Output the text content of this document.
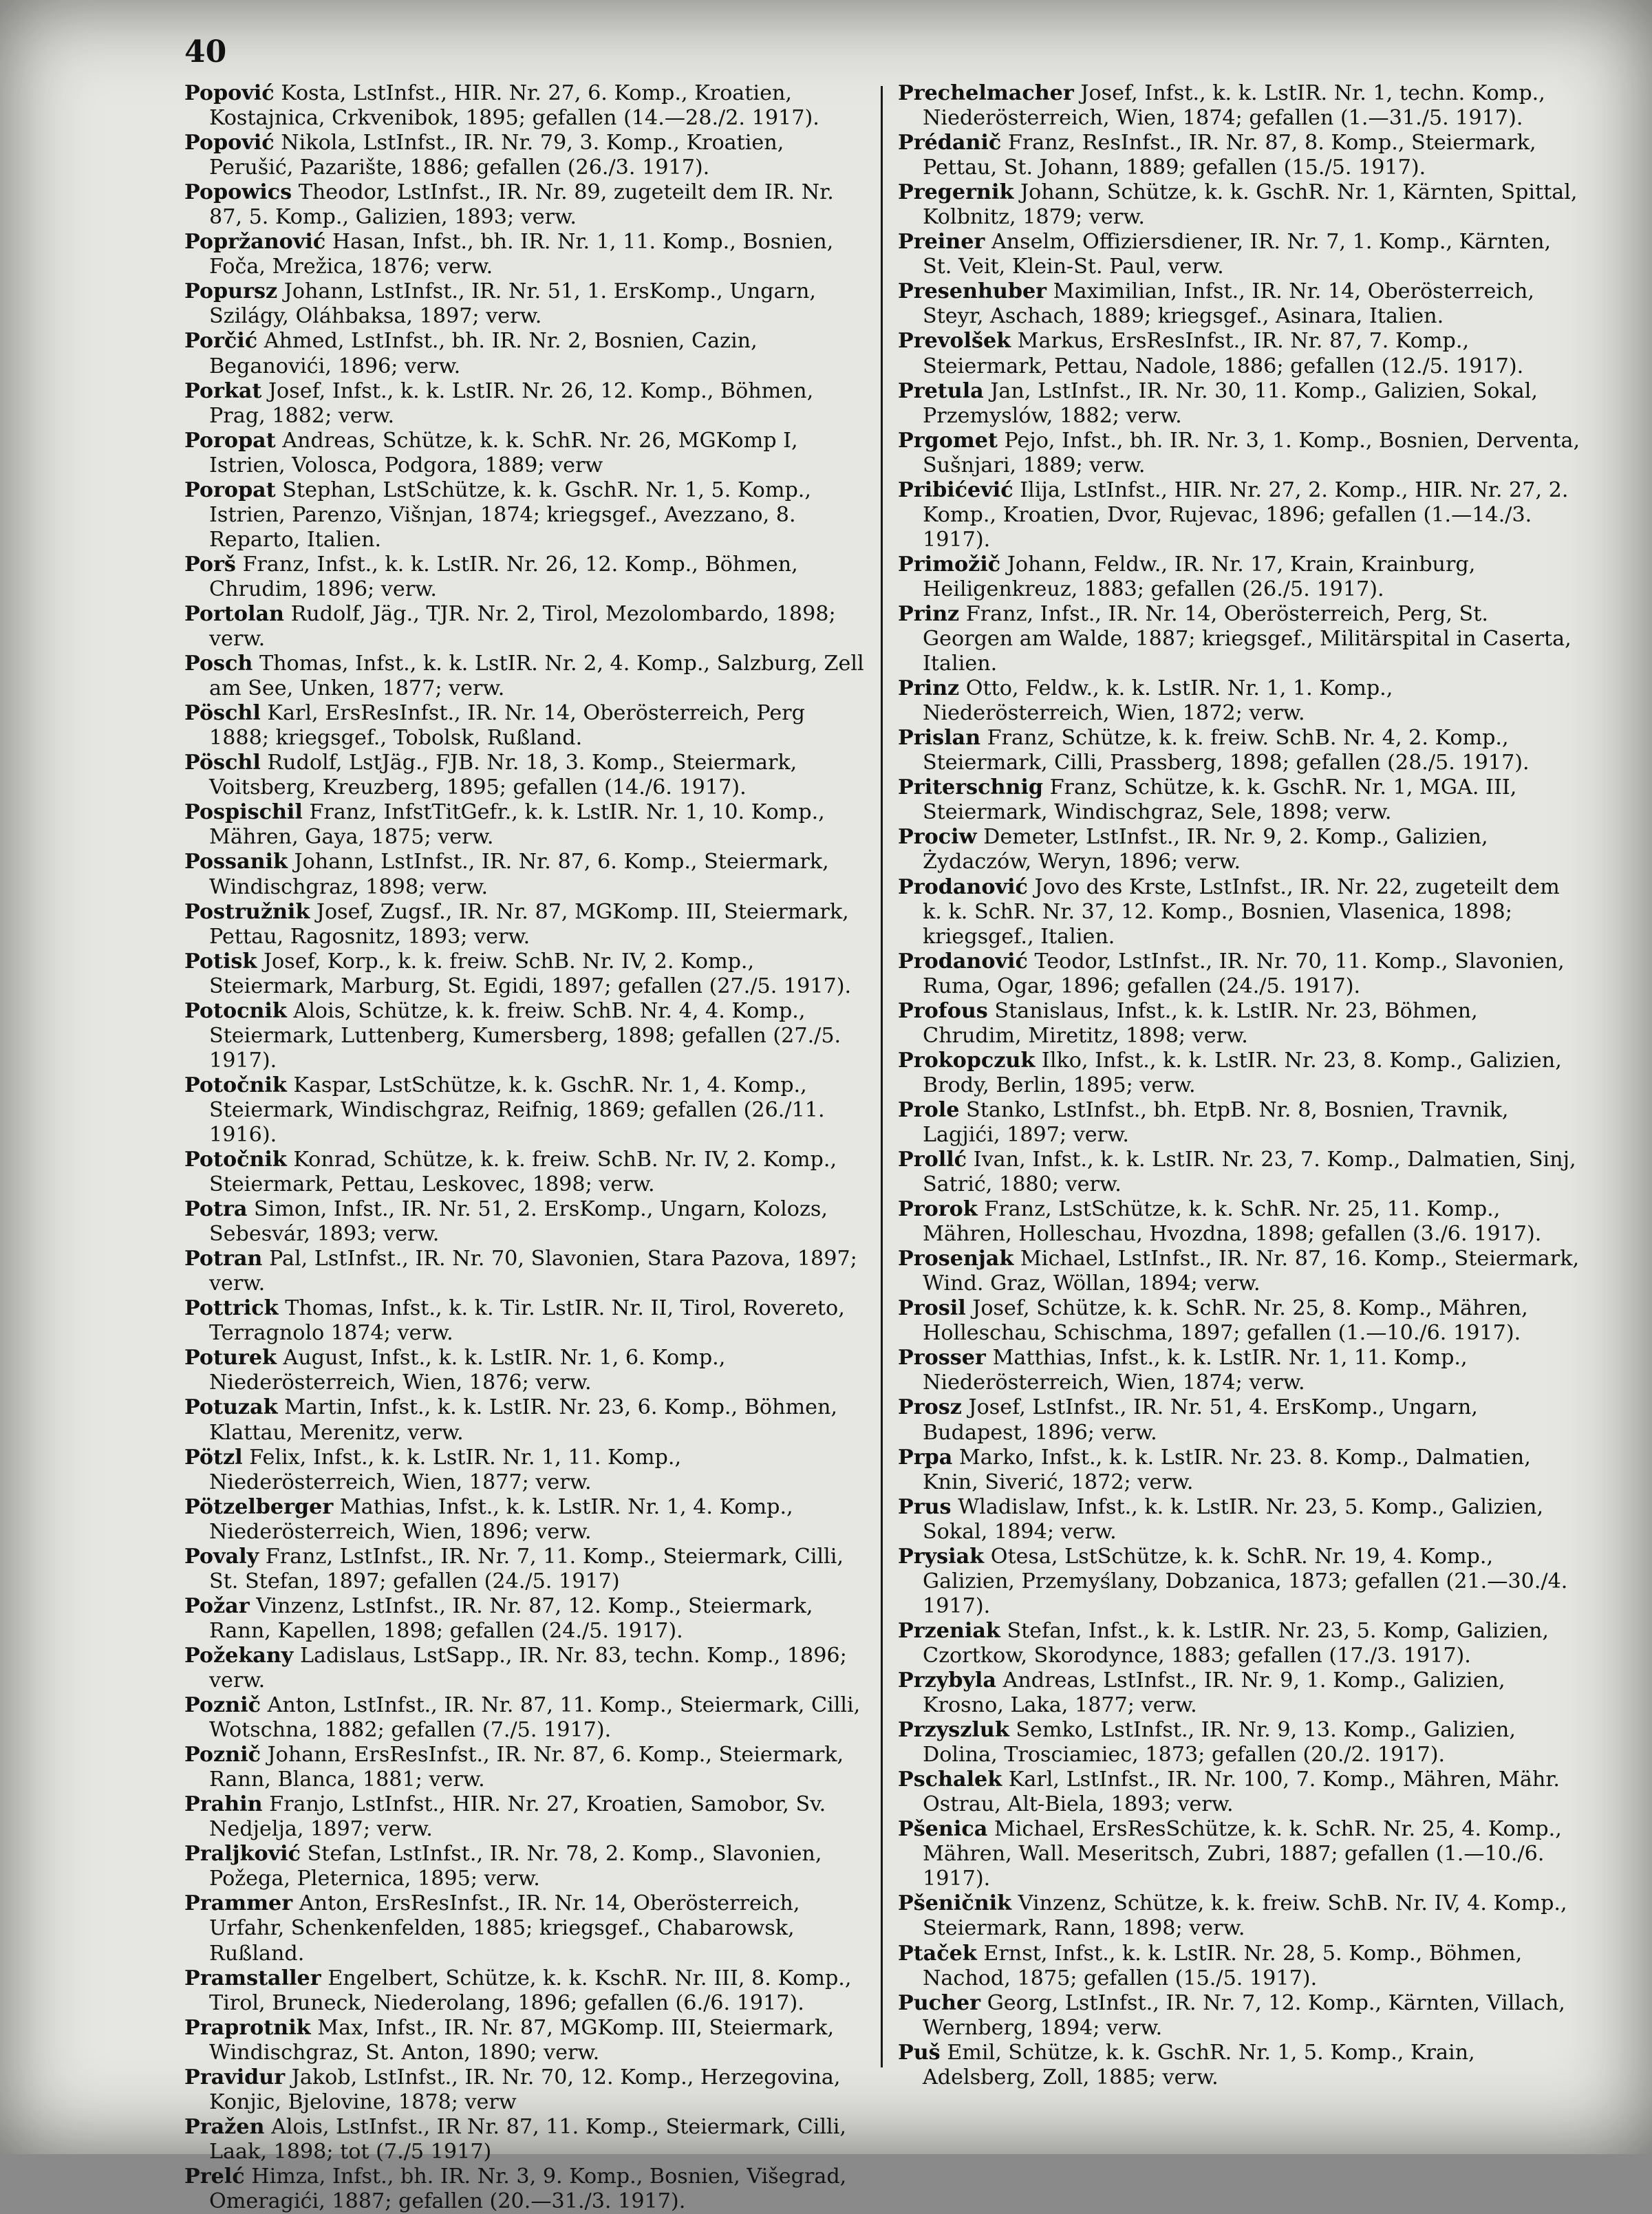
40

Popović Kosta, LstInfst., HIR. Nr. 27, 6. Komp., Kroatien, Kostajnica, Crkvenibok, 1895; gefallen (14.—28./2. 1917).

Popović Nikola, LstInfst., IR. Nr. 79, 3. Komp., Kroatien, Perušić, Pazarište, 1886; gefallen (26./3. 1917).

Popowics Theodor, LstInfst., IR. Nr. 89, zugeteilt dem IR. Nr. 87, 5. Komp., Galizien, 1893; verw.

Popržanović Hasan, Infst., bh. IR. Nr. 1, 11. Komp., Bosnien, Foča, Mrežica, 1876; verw.

Popursz Johann, LstInfst., IR. Nr. 51, 1. ErsKomp., Ungarn, Szilágy, Oláhbaksa, 1897; verw.

Porčić Ahmed, LstInfst., bh. IR. Nr. 2, Bosnien, Cazin, Beganovići, 1896; verw.

Porkat Josef, Infst., k. k. LstIR. Nr. 26, 12. Komp., Böhmen, Prag, 1882; verw.

Poropat Andreas, Schütze, k. k. SchR. Nr. 26, MGKomp I, Istrien, Volosca, Podgora, 1889; verw

Poropat Stephan, LstSchütze, k. k. GschR. Nr. 1, 5. Komp., Istrien, Parenzo, Višnjan, 1874; kriegsgef., Avezzano, 8. Reparto, Italien.

Porš Franz, Infst., k. k. LstIR. Nr. 26, 12. Komp., Böhmen, Chrudim, 1896; verw.

Portolan Rudolf, Jäg., TJR. Nr. 2, Tirol, Mezolombardo, 1898; verw.

Posch Thomas, Infst., k. k. LstIR. Nr. 2, 4. Komp., Salzburg, Zell am See, Unken, 1877; verw.

Pöschl Karl, ErsResInfst., IR. Nr. 14, Oberösterreich, Perg 1888; kriegsgef., Tobolsk, Rußland.

Pöschl Rudolf, LstJäg., FJB. Nr. 18, 3. Komp., Steiermark, Voitsberg, Kreuzberg, 1895; gefallen (14./6. 1917).

Pospischil Franz, InfstTitGefr., k. k. LstIR. Nr. 1, 10. Komp., Mähren, Gaya, 1875; verw.

Possanik Johann, LstInfst., IR. Nr. 87, 6. Komp., Steiermark, Windischgraz, 1898; verw.

Postružnik Josef, Zugsf., IR. Nr. 87, MGKomp. III, Steiermark, Pettau, Ragosnitz, 1893; verw.

Potisk Josef, Korp., k. k. freiw. SchB. Nr. IV, 2. Komp., Steiermark, Marburg, St. Egidi, 1897; gefallen (27./5. 1917).

Potocnik Alois, Schütze, k. k. freiw. SchB. Nr. 4, 4. Komp., Steiermark, Luttenberg, Kumersberg, 1898; gefallen (27./5. 1917).

Potočnik Kaspar, LstSchütze, k. k. GschR. Nr. 1, 4. Komp., Steiermark, Windischgraz, Reifnig, 1869; gefallen (26./11. 1916).

Potočnik Konrad, Schütze, k. k. freiw. SchB. Nr. IV, 2. Komp., Steiermark, Pettau, Leskovec, 1898; verw.

Potra Simon, Infst., IR. Nr. 51, 2. ErsKomp., Ungarn, Kolozs, Sebesvár, 1893; verw.

Potran Pal, LstInfst., IR. Nr. 70, Slavonien, Stara Pazova, 1897; verw.

Pottrick Thomas, Infst., k. k. Tir. LstIR. Nr. II, Tirol, Rovereto, Terragnolo 1874; verw.

Poturek August, Infst., k. k. LstIR. Nr. 1, 6. Komp., Niederösterreich, Wien, 1876; verw.

Potuzak Martin, Infst., k. k. LstIR. Nr. 23, 6. Komp., Böhmen, Klattau, Merenitz, verw.

Pötzl Felix, Infst., k. k. LstIR. Nr. 1, 11. Komp., Niederösterreich, Wien, 1877; verw.

Pötzelberger Mathias, Infst., k. k. LstIR. Nr. 1, 4. Komp., Niederösterreich, Wien, 1896; verw.

Povaly Franz, LstInfst., IR. Nr. 7, 11. Komp., Steiermark, Cilli, St. Stefan, 1897; gefallen (24./5. 1917)

Požar Vinzenz, LstInfst., IR. Nr. 87, 12. Komp., Steiermark, Rann, Kapellen, 1898; gefallen (24./5. 1917).

Požekany Ladislaus, LstSapp., IR. Nr. 83, techn. Komp., 1896; verw.

Poznič Anton, LstInfst., IR. Nr. 87, 11. Komp., Steiermark, Cilli, Wotschna, 1882; gefallen (7./5. 1917).

Poznič Johann, ErsResInfst., IR. Nr. 87, 6. Komp., Steiermark, Rann, Blanca, 1881; verw.

Prahin Franjo, LstInfst., HIR. Nr. 27, Kroatien, Samobor, Sv. Nedjelja, 1897; verw.

Praljković Stefan, LstInfst., IR. Nr. 78, 2. Komp., Slavonien, Požega, Pleternica, 1895; verw.

Prammer Anton, ErsResInfst., IR. Nr. 14, Oberösterreich, Urfahr, Schenkenfelden, 1885; kriegsgef., Chabarowsk, Rußland.

Pramstaller Engelbert, Schütze, k. k. KschR. Nr. III, 8. Komp., Tirol, Bruneck, Niederolang, 1896; gefallen (6./6. 1917).

Praprotnik Max, Infst., IR. Nr. 87, MGKomp. III, Steiermark, Windischgraz, St. Anton, 1890; verw.

Pravidur Jakob, LstInfst., IR. Nr. 70, 12. Komp., Herzegovina, Konjic, Bjelovine, 1878; verw

Pražen Alois, LstInfst., IR Nr. 87, 11. Komp., Steiermark, Cilli, Laak, 1898; tot (7./5 1917)

Prelć Himza, Infst., bh. IR. Nr. 3, 9. Komp., Bosnien, Višegrad, Omeragići, 1887; gefallen (20.—31./3. 1917).

Prechelmacher Josef, Infst., k. k. LstIR. Nr. 1, techn. Komp., Niederösterreich, Wien, 1874; gefallen (1.—31./5. 1917).

Prédanič Franz, ResInfst., IR. Nr. 87, 8. Komp., Steiermark, Pettau, St. Johann, 1889; gefallen (15./5. 1917).

Pregernik Johann, Schütze, k. k. GschR. Nr. 1, Kärnten, Spittal, Kolbnitz, 1879; verw.

Preiner Anselm, Offiziersdiener, IR. Nr. 7, 1. Komp., Kärnten, St. Veit, Klein-St. Paul, verw.

Presenhuber Maximilian, Infst., IR. Nr. 14, Oberösterreich, Steyr, Aschach, 1889; kriegsgef., Asinara, Italien.

Prevolšek Markus, ErsResInfst., IR. Nr. 87, 7. Komp., Steiermark, Pettau, Nadole, 1886; gefallen (12./5. 1917).

Pretula Jan, LstInfst., IR. Nr. 30, 11. Komp., Galizien, Sokal, Przemyslów, 1882; verw.

Prgomet Pejo, Infst., bh. IR. Nr. 3, 1. Komp., Bosnien, Derventa, Sušnjari, 1889; verw.

Pribićević Ilija, LstInfst., HIR. Nr. 27, 2. Komp., HIR. Nr. 27, 2. Komp., Kroatien, Dvor, Rujevac, 1896; gefallen (1.—14./3. 1917).

Primožič Johann, Feldw., IR. Nr. 17, Krain, Krainburg, Heiligenkreuz, 1883; gefallen (26./5. 1917).

Prinz Franz, Infst., IR. Nr. 14, Oberösterreich, Perg, St. Georgen am Walde, 1887; kriegsgef., Militärspital in Caserta, Italien.

Prinz Otto, Feldw., k. k. LstIR. Nr. 1, 1. Komp., Niederösterreich, Wien, 1872; verw.

Prislan Franz, Schütze, k. k. freiw. SchB. Nr. 4, 2. Komp., Steiermark, Cilli, Prassberg, 1898; gefallen (28./5. 1917).

Priterschnig Franz, Schütze, k. k. GschR. Nr. 1, MGA. III, Steiermark, Windischgraz, Sele, 1898; verw.

Prociw Demeter, LstInfst., IR. Nr. 9, 2. Komp., Galizien, Żydaczów, Weryn, 1896; verw.

Prodanović Jovo des Krste, LstInfst., IR. Nr. 22, zugeteilt dem k. k. SchR. Nr. 37, 12. Komp., Bosnien, Vlasenica, 1898; kriegsgef., Italien.

Prodanović Teodor, LstInfst., IR. Nr. 70, 11. Komp., Slavonien, Ruma, Ogar, 1896; gefallen (24./5. 1917).

Profous Stanislaus, Infst., k. k. LstIR. Nr. 23, Böhmen, Chrudim, Miretitz, 1898; verw.

Prokopczuk Ilko, Infst., k. k. LstIR. Nr. 23, 8. Komp., Galizien, Brody, Berlin, 1895; verw.

Prole Stanko, LstInfst., bh. EtpB. Nr. 8, Bosnien, Travnik, Lagjići, 1897; verw.

Prollć Ivan, Infst., k. k. LstIR. Nr. 23, 7. Komp., Dalmatien, Sinj, Satrić, 1880; verw.

Prorok Franz, LstSchütze, k. k. SchR. Nr. 25, 11. Komp., Mähren, Holleschau, Hvozdna, 1898; gefallen (3./6. 1917).

Prosenjak Michael, LstInfst., IR. Nr. 87, 16. Komp., Steiermark, Wind. Graz, Wöllan, 1894; verw.

Prosil Josef, Schütze, k. k. SchR. Nr. 25, 8. Komp., Mähren, Holleschau, Schischma, 1897; gefallen (1.—10./6. 1917).

Prosser Matthias, Infst., k. k. LstIR. Nr. 1, 11. Komp., Niederösterreich, Wien, 1874; verw.

Prosz Josef, LstInfst., IR. Nr. 51, 4. ErsKomp., Ungarn, Budapest, 1896; verw.

Prpa Marko, Infst., k. k. LstIR. Nr. 23. 8. Komp., Dalmatien, Knin, Siverić, 1872; verw.

Prus Wladislaw, Infst., k. k. LstIR. Nr. 23, 5. Komp., Galizien, Sokal, 1894; verw.

Prysiak Otesa, LstSchütze, k. k. SchR. Nr. 19, 4. Komp., Galizien, Przemyślany, Dobzanica, 1873; gefallen (21.—30./4. 1917).

Przeniak Stefan, Infst., k. k. LstIR. Nr. 23, 5. Komp, Galizien, Czortkow, Skorodynce, 1883; gefallen (17./3. 1917).

Przybyla Andreas, LstInfst., IR. Nr. 9, 1. Komp., Galizien, Krosno, Laka, 1877; verw.

Przyszluk Semko, LstInfst., IR. Nr. 9, 13. Komp., Galizien, Dolina, Trosciamiec, 1873; gefallen (20./2. 1917).

Pschalek Karl, LstInfst., IR. Nr. 100, 7. Komp., Mähren, Mähr. Ostrau, Alt-Biela, 1893; verw.

Pšenica Michael, ErsResSchütze, k. k. SchR. Nr. 25, 4. Komp., Mähren, Wall. Meseritsch, Zubri, 1887; gefallen (1.—10./6. 1917).

Pšeničnik Vinzenz, Schütze, k. k. freiw. SchB. Nr. IV, 4. Komp., Steiermark, Rann, 1898; verw.

Ptaček Ernst, Infst., k. k. LstIR. Nr. 28, 5. Komp., Böhmen, Nachod, 1875; gefallen (15./5. 1917).

Pucher Georg, LstInfst., IR. Nr. 7, 12. Komp., Kärnten, Villach, Wernberg, 1894; verw.

Puš Emil, Schütze, k. k. GschR. Nr. 1, 5. Komp., Krain, Adelsberg, Zoll, 1885; verw.
